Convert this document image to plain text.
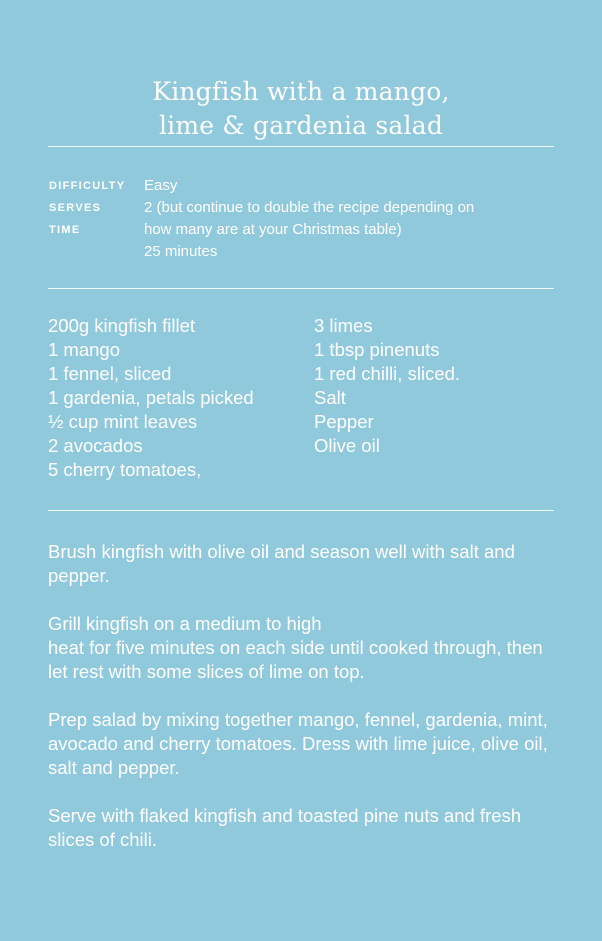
Kingfish with a mango,
lime & gardenia salad
DIFFICULTY
SERVES
TIME
Easy
2 (but continue to double the recipe depending on
how many are at your Christmas table)
25 minutes
200g kingfish fillet
1 mango
1 fennel, sliced
1 gardenia, petals picked
½ cup mint leaves
2 avocados
5 cherry tomatoes,
3 limes
1 tbsp pinenuts
1 red chilli, sliced.
Salt
Pepper
Olive oil

Brush kingfish with olive oil and season well with salt and pepper.

Grill kingfish on a medium to high
heat for five minutes on each side until cooked through, then let rest with some slices of lime on top.

Prep salad by mixing together mango, fennel, gardenia, mint, avocado and cherry tomatoes. Dress with lime juice, olive oil, salt and pepper.

Serve with flaked kingfish and toasted pine nuts and fresh slices of chili.
